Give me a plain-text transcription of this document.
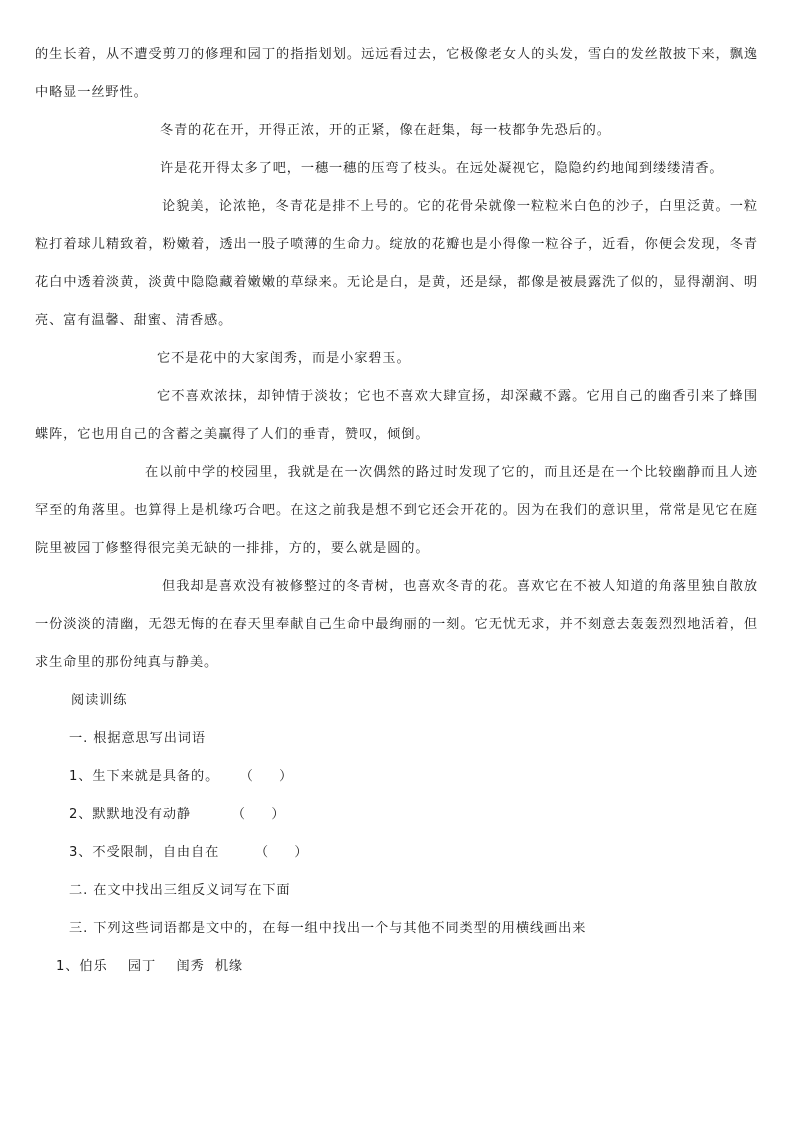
的生长着，从不遭受剪刀的修理和园丁的指指划划。远远看过去，它极像老女人的头发，雪白的发丝散披下来，飘逸中略显一丝野性。

冬青的花在开，开得正浓，开的正紧，像在赶集，每一枝都争先恐后的。

许是花开得太多了吧，一穗一穗的压弯了枝头。在远处凝视它，隐隐约约地闻到缕缕清香。

论貌美，论浓艳，冬青花是排不上号的。它的花骨朵就像一粒粒米白色的沙子，白里泛黄。一粒粒打着球儿精致着，粉嫩着，透出一股子喷薄的生命力。绽放的花瓣也是小得像一粒谷子，近看，你便会发现，冬青花白中透着淡黄，淡黄中隐隐藏着嫩嫩的草绿来。无论是白，是黄，还是绿，都像是被晨露洗了似的，显得潮润、明亮、富有温馨、甜蜜、清香感。

它不是花中的大家闺秀，而是小家碧玉。

它不喜欢浓抹，却钟情于淡妆；它也不喜欢大肆宣扬，却深藏不露。它用自己的幽香引来了蜂围蝶阵，它也用自己的含蓄之美赢得了人们的垂青，赞叹，倾倒。

在以前中学的校园里，我就是在一次偶然的路过时发现了它的，而且还是在一个比较幽静而且人迹罕至的角落里。也算得上是机缘巧合吧。在这之前我是想不到它还会开花的。因为在我们的意识里，常常是见它在庭院里被园丁修整得很完美无缺的一排排，方的，要么就是圆的。

但我却是喜欢没有被修整过的冬青树，也喜欢冬青的花。喜欢它在不被人知道的角落里独自散放一份淡淡的清幽，无怨无悔的在春天里奉献自己生命中最绚丽的一刻。它无忧无求，并不刻意去轰轰烈烈地活着，但求生命里的那份纯真与静美。

阅读训练
一. 根据意思写出词语
1、生下来就是具备的。 （     ）
2、默默地没有动静	（     ）
3、不受限制，自由自在	（     ）
二. 在文中找出三组反义词写在下面
三. 下列这些词语都是文中的，在每一组中找出一个与其他不同类型的用横线画出来
1、伯乐    园丁    闺秀  机缘
